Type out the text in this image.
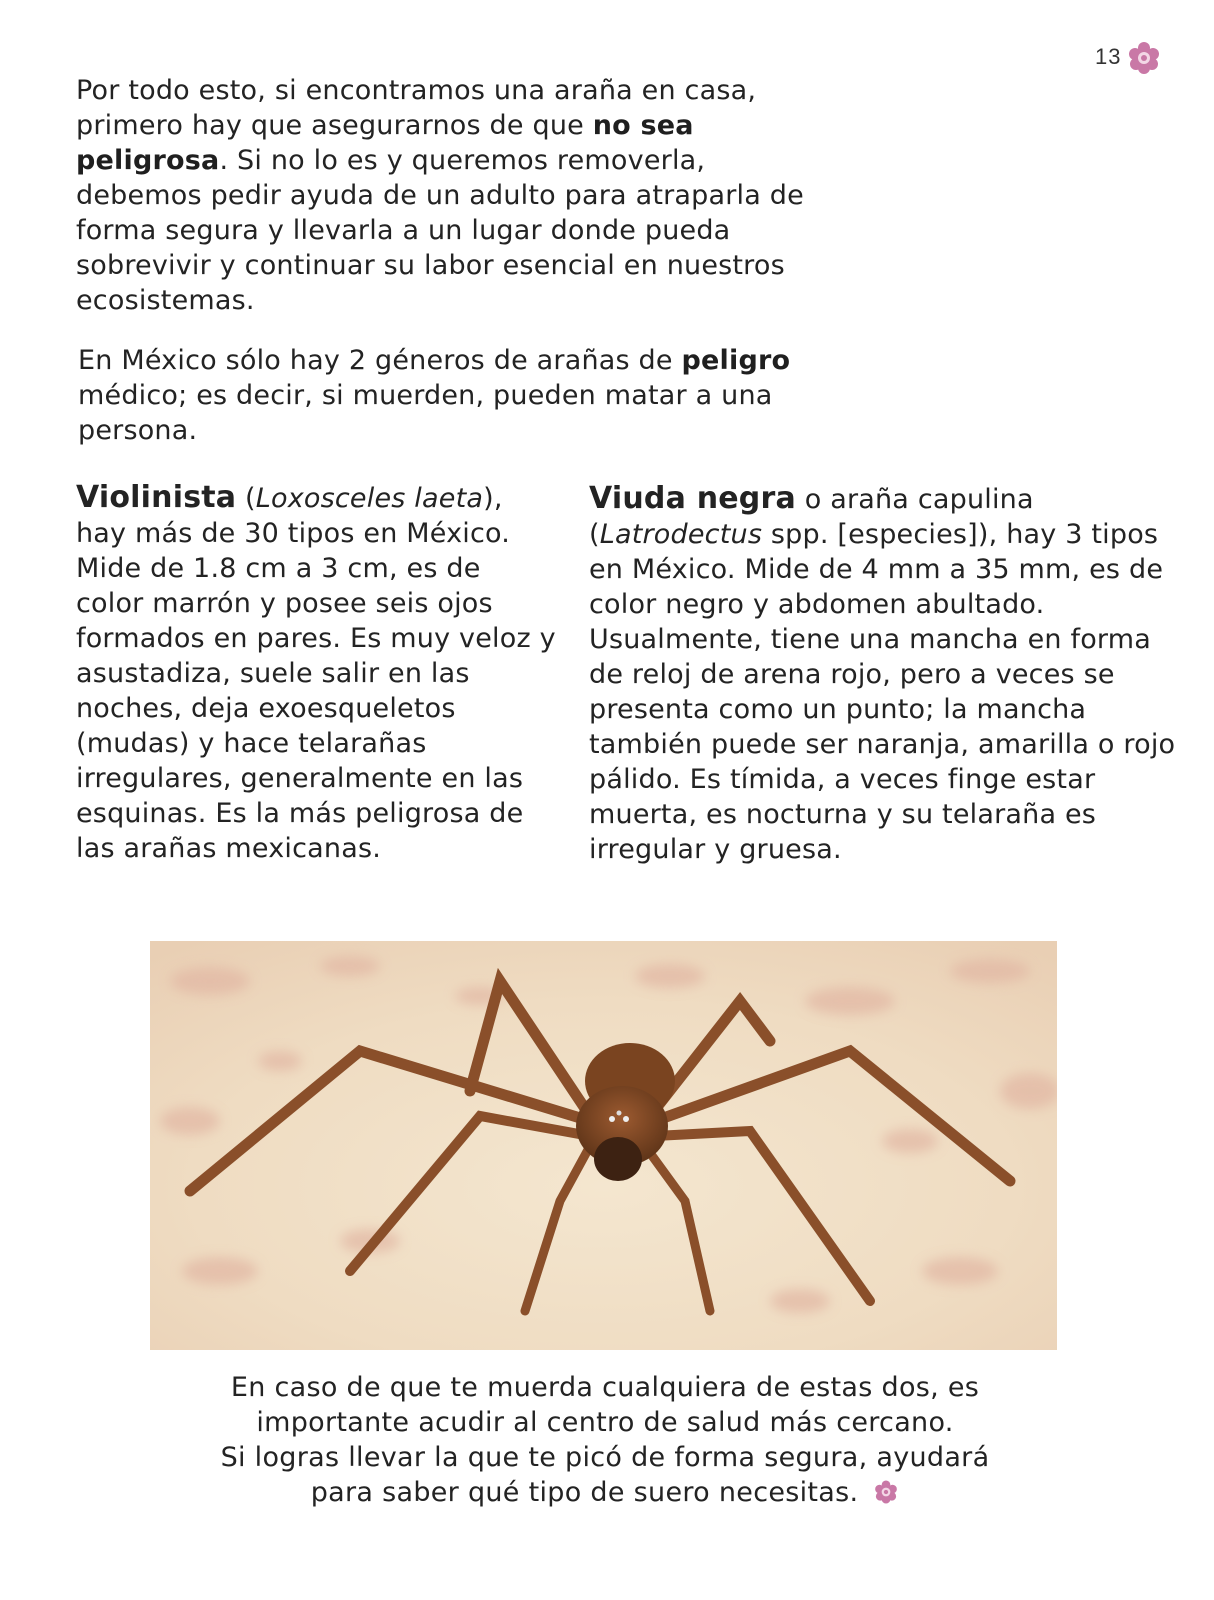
13

Por todo esto, si encontramos una araña en casa, primero hay que asegurarnos de que no sea peligrosa. Si no lo es y queremos removerla, debemos pedir ayuda de un adulto para atraparla de forma segura y llevarla a un lugar donde pueda sobrevivir y continuar su labor esencial en nuestros ecosistemas.

En México sólo hay 2 géneros de arañas de peligro médico; es decir, si muerden, pueden matar a una persona.

Violinista (Loxosceles laeta), hay más de 30 tipos en México. Mide de 1.8 cm a 3 cm, es de color marrón y posee seis ojos formados en pares. Es muy veloz y asustadiza, suele salir en las noches, deja exoesqueletos (mudas) y hace telarañas irregulares, generalmente en las esquinas. Es la más peligrosa de las arañas mexicanas.

Viuda negra o araña capulina (Latrodectus spp. [especies]), hay 3 tipos en México. Mide de 4 mm a 35 mm, es de color negro y abdomen abultado. Usualmente, tiene una mancha en forma de reloj de arena rojo, pero a veces se presenta como un punto; la mancha también puede ser naranja, amarilla o rojo pálido. Es tímida, a veces finge estar muerta, es nocturna y su telaraña es irregular y gruesa.

En caso de que te muerda cualquiera de estas dos, es
importante acudir al centro de salud más cercano.
Si logras llevar la que te picó de forma segura, ayudará
para saber qué tipo de suero necesitas.
